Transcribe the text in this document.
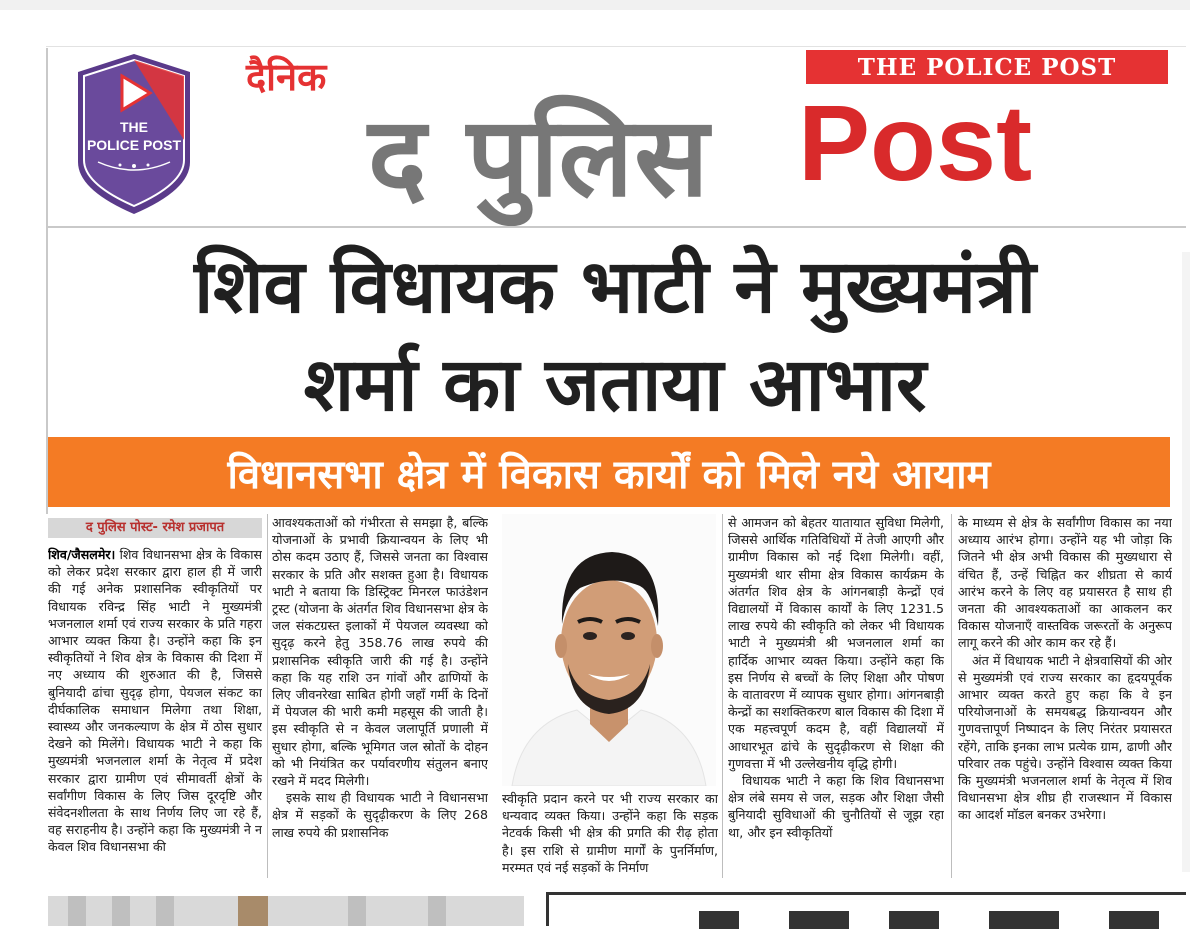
THE
POLICE POST
दैनिक	THE POLICE POST
द पुलिस Post
शिव विधायक भाटी ने मुख्यमंत्री
शर्मा का जताया आभार
विधानसभा क्षेत्र में विकास कार्यों को मिले नये आयाम
द पुलिस पोस्ट- रमेश प्रजापत

शिव/जैसलमेर। शिव विधानसभा क्षेत्र के विकास को लेकर प्रदेश सरकार द्वारा हाल ही में जारी की गई अनेक प्रशासनिक स्वीकृतियों पर विधायक रविन्द्र सिंह भाटी ने मुख्यमंत्री भजनलाल शर्मा एवं राज्य सरकार के प्रति गहरा आभार व्यक्त किया है। उन्होंने कहा कि इन स्वीकृतियों ने शिव क्षेत्र के विकास की दिशा में नए अध्याय की शुरुआत की है, जिससे बुनियादी ढांचा सुदृढ़ होगा, पेयजल संकट का दीर्घकालिक समाधान मिलेगा तथा शिक्षा, स्वास्थ्य और जनकल्याण के क्षेत्र में ठोस सुधार देखने को मिलेंगे। विधायक भाटी ने कहा कि मुख्यमंत्री भजनलाल शर्मा के नेतृत्व में प्रदेश सरकार द्वारा ग्रामीण एवं सीमावर्ती क्षेत्रों के सर्वांगीण विकास के लिए जिस दूरदृष्टि और संवेदनशीलता के साथ निर्णय लिए जा रहे हैं, वह सराहनीय है। उन्होंने कहा कि मुख्यमंत्री ने न केवल शिव विधानसभा की

आवश्यकताओं को गंभीरता से समझा है, बल्कि योजनाओं के प्रभावी क्रियान्वयन के लिए भी ठोस कदम उठाए हैं, जिससे जनता का विश्वास सरकार के प्रति और सशक्त हुआ है। विधायक भाटी ने बताया कि डिस्ट्रिक्ट मिनरल फाउंडेशन ट्रस्ट (योजना के अंतर्गत शिव विधानसभा क्षेत्र के जल संकटग्रस्त इलाकों में पेयजल व्यवस्था को सुदृढ़ करने हेतु 358.76 लाख रुपये की प्रशासनिक स्वीकृति जारी की गई है। उन्होंने कहा कि यह राशि उन गांवों और ढाणियों के लिए जीवनरेखा साबित होगी जहाँ गर्मी के दिनों में पेयजल की भारी कमी महसूस की जाती है। इस स्वीकृति से न केवल जलापूर्ति प्रणाली में सुधार होगा, बल्कि भूमिगत जल स्रोतों के दोहन को भी नियंत्रित कर पर्यावरणीय संतुलन बनाए रखने में मदद मिलेगी।

इसके साथ ही विधायक भाटी ने विधानसभा क्षेत्र में सड़कों के सुदृढ़ीकरण के लिए 268 लाख रुपये की प्रशासनिक

स्वीकृति प्रदान करने पर भी राज्य सरकार का धन्यवाद व्यक्त किया। उन्होंने कहा कि सड़क नेटवर्क किसी भी क्षेत्र की प्रगति की रीढ़ होता है। इस राशि से ग्रामीण मार्गों के पुनर्निर्माण, मरम्मत एवं नई सड़कों के निर्माण

से आमजन को बेहतर यातायात सुविधा मिलेगी, जिससे आर्थिक गतिविधियों में तेजी आएगी और ग्रामीण विकास को नई दिशा मिलेगी। वहीं, मुख्यमंत्री थार सीमा क्षेत्र विकास कार्यक्रम के अंतर्गत शिव क्षेत्र के आंगनबाड़ी केन्द्रों एवं विद्यालयों में विकास कार्यों के लिए 1231.5 लाख रुपये की स्वीकृति को लेकर भी विधायक भाटी ने मुख्यमंत्री श्री भजनलाल शर्मा का हार्दिक आभार व्यक्त किया। उन्होंने कहा कि इस निर्णय से बच्चों के लिए शिक्षा और पोषण के वातावरण में व्यापक सुधार होगा। आंगनबाड़ी केन्द्रों का सशक्तिकरण बाल विकास की दिशा में एक महत्त्वपूर्ण कदम है, वहीं विद्यालयों में आधारभूत ढांचे के सुदृढ़ीकरण से शिक्षा की गुणवत्ता में भी उल्लेखनीय वृद्धि होगी।

विधायक भाटी ने कहा कि शिव विधानसभा क्षेत्र लंबे समय से जल, सड़क और शिक्षा जैसी बुनियादी सुविधाओं की चुनौतियों से जूझ रहा था, और इन स्वीकृतियों

के माध्यम से क्षेत्र के सर्वांगीण विकास का नया अध्याय आरंभ होगा। उन्होंने यह भी जोड़ा कि जितने भी क्षेत्र अभी विकास की मुख्यधारा से वंचित हैं, उन्हें चिह्नित कर शीघ्रता से कार्य आरंभ करने के लिए वह प्रयासरत है साथ ही जनता की आवश्यकताओं का आकलन कर विकास योजनाएँ वास्तविक जरूरतों के अनुरूप लागू करने की ओर काम कर रहे हैं।

अंत में विधायक भाटी ने क्षेत्रवासियों की ओर से मुख्यमंत्री एवं राज्य सरकार का हृदयपूर्वक आभार व्यक्त करते हुए कहा कि वे इन परियोजनाओं के समयबद्ध क्रियान्वयन और गुणवत्तापूर्ण निष्पादन के लिए निरंतर प्रयासरत रहेंगे, ताकि इनका लाभ प्रत्येक ग्राम, ढाणी और परिवार तक पहुंचे। उन्होंने विश्वास व्यक्त किया कि मुख्यमंत्री भजनलाल शर्मा के नेतृत्व में शिव विधानसभा क्षेत्र शीघ्र ही राजस्थान में विकास का आदर्श मॉडल बनकर उभरेगा।
